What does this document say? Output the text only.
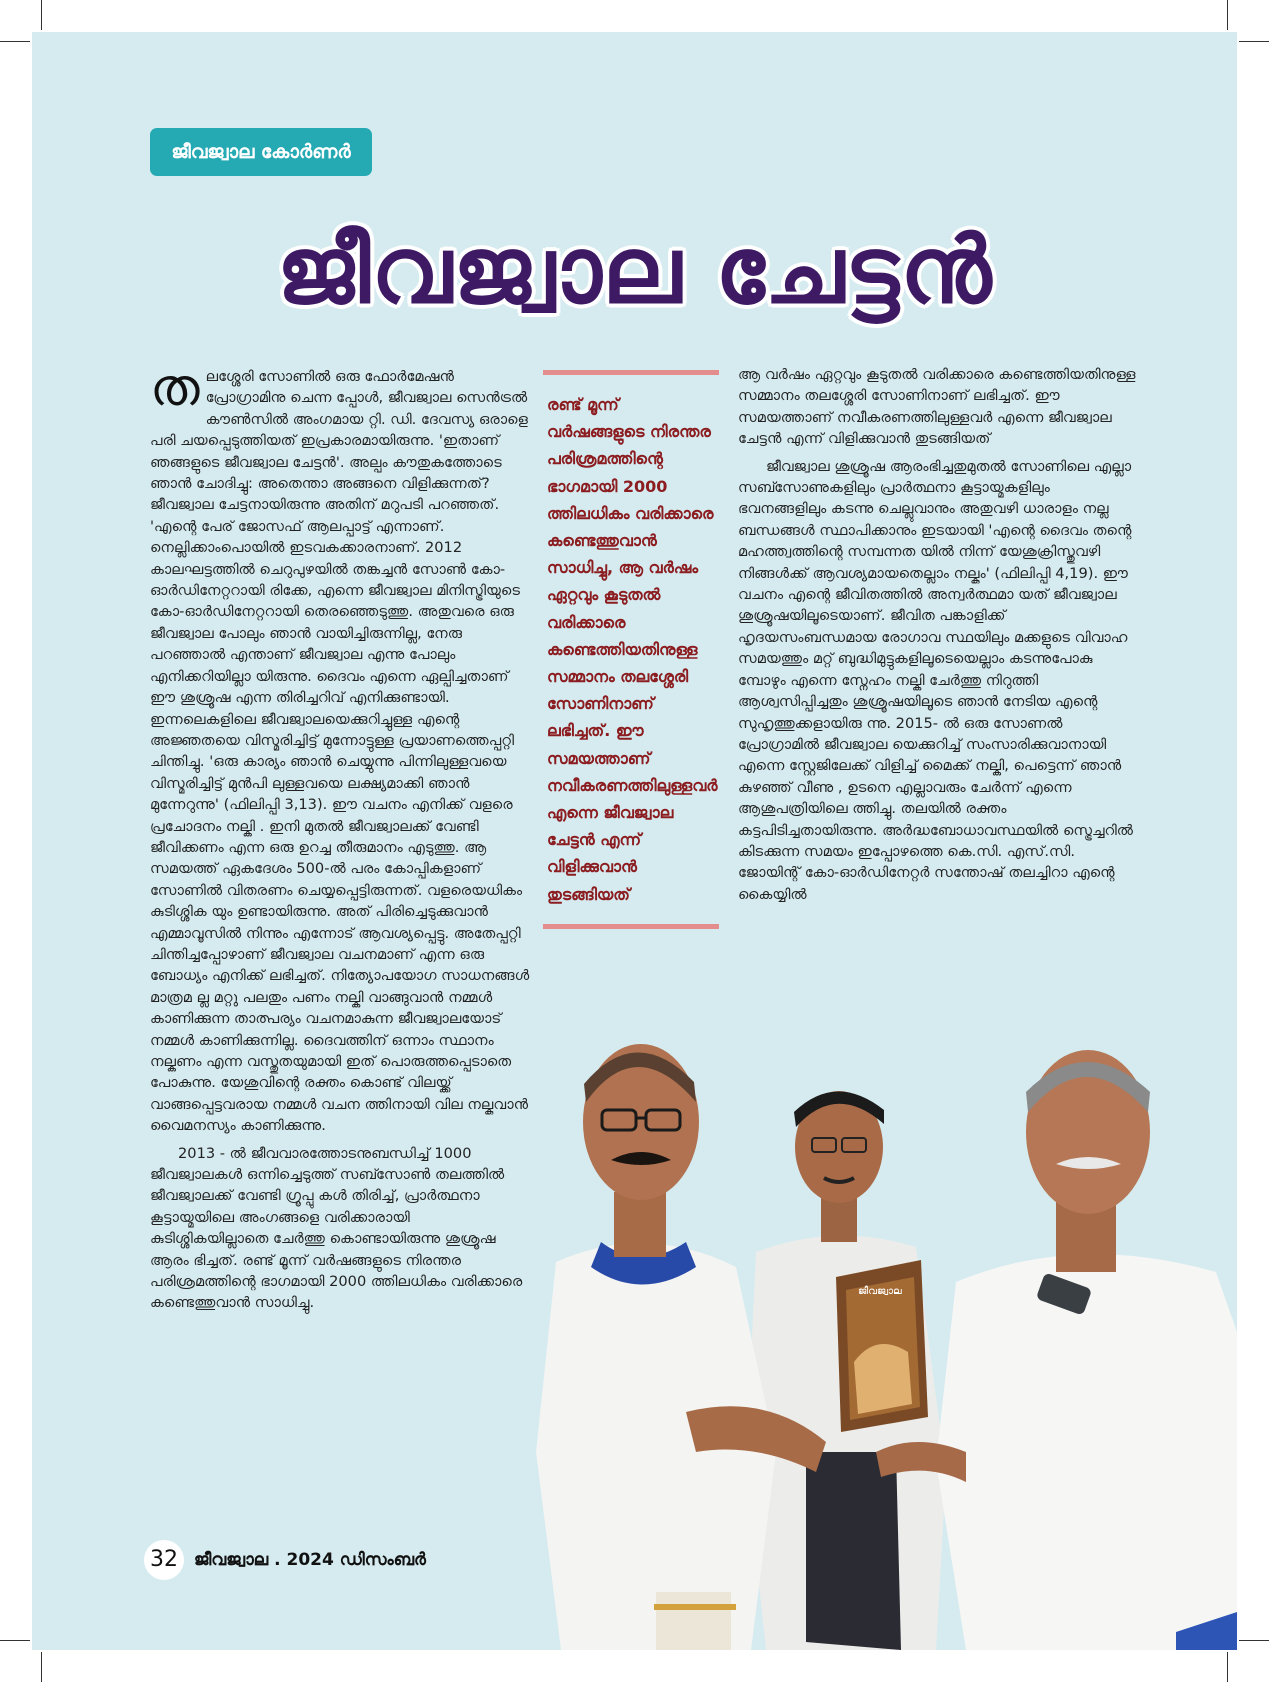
ജീവജ്വാല കോർണർ
ജീവജ്വാല ചേട്ടൻ

തലശ്ശേരി സോണിൽ ഒരു ഫോർമേഷൻ പ്രോഗ്രാമിനു ചെന്ന പ്പോൾ, ജീവജ്വാല സെൻട്രൽ കൗൺസിൽ അംഗമായ റ്റി. ഡി. ദേവസ്യ ഒരാളെ പരി ചയപ്പെടുത്തിയത് ഇപ്രകാരമായിരുന്നു. 'ഇതാണ് ഞങ്ങളുടെ ജീവജ്വാല ചേട്ടൻ'. അല്പം കൗതുകത്തോടെ ഞാൻ ചോദിച്ചു: അതെന്താ അങ്ങനെ വിളിക്കുന്നത്? ജീവജ്വാല ചേട്ടനായിരുന്നു അതിന് മറുപടി പറഞ്ഞത്. 'എന്റെ പേര് ജോസഫ് ആലപ്പാട്ട് എന്നാണ്. നെല്ലിക്കാംപൊയിൽ ഇടവകക്കാരനാണ്. 2012 കാലഘട്ടത്തിൽ ചെറുപുഴയിൽ തങ്കച്ചൻ സോൺ കോ-ഓർഡിനേറ്ററായി രിക്കേ, എന്നെ ജീവജ്വാല മിനിസ്ട്രിയുടെ കോ-ഓർഡിനേറ്ററായി തെരഞ്ഞെടുത്തു. അതുവരെ ഒരു ജീവജ്വാല പോലും ഞാൻ വായിച്ചിരുന്നില്ല, നേരു പറഞ്ഞാൽ എന്താണ് ജീവജ്വാല എന്നു പോലും എനിക്കറിയില്ലാ യിരുന്നു. ദൈവം എന്നെ ഏല്പിച്ചതാണ് ഈ ശുശ്രൂഷ എന്ന തിരിച്ചറിവ് എനിക്കുണ്ടായി. ഇന്നലെകളിലെ ജീവജ്വാലയെക്കുറിച്ചുള്ള എന്റെ അജ്ഞതയെ വിസ്മരിച്ചിട്ട് മുന്നോട്ടുള്ള പ്രയാണത്തെപ്പറ്റി ചിന്തിച്ചു. 'ഒരു കാര്യം ഞാൻ ചെയ്യുന്നു പിന്നിലുള്ളവയെ വിസ്മരിച്ചിട്ട് മുൻപി ലുള്ളവയെ ലക്ഷ്യമാക്കി ഞാൻ മുന്നേറുന്നു' (ഫിലിപ്പി 3,13). ഈ വചനം എനിക്ക് വളരെ പ്രചോദനം നല്കി . ഇനി മുതൽ ജീവജ്വാലക്ക് വേണ്ടി ജീവിക്കണം എന്ന ഒരു ഉറച്ച തീരുമാനം എടുത്തു. ആ സമയത്ത് ഏകദേശം 500-ൽ പരം കോപ്പികളാണ് സോണിൽ വിതരണം ചെയ്യപ്പെട്ടിരുന്നത്. വളരെയധികം കുടിശ്ശിക യും ഉണ്ടായിരുന്നു. അത് പിരിച്ചെടുക്കുവാൻ എമ്മാവൂസിൽ നിന്നും എന്നോട് ആവശ്യപ്പെട്ടു. അതേപ്പറ്റി ചിന്തിച്ചപ്പോഴാണ് ജീവജ്വാല വചനമാണ് എന്ന ഒരു ബോധ്യം എനിക്ക് ലഭിച്ചത്. നിത്യോപയോഗ സാധനങ്ങൾ മാത്രമ ല്ല മറ്റു പലതും പണം നല്കി വാങ്ങുവാൻ നമ്മൾ കാണിക്കുന്ന താത്പര്യം വചനമാകുന്ന ജീവജ്വാലയോട് നമ്മൾ കാണിക്കുന്നില്ല. ദൈവത്തിന് ഒന്നാം സ്ഥാനം നല്കണം എന്ന വസ്തുതയുമായി ഇത് പൊരുത്തപ്പെടാതെ പോകുന്നു. യേശുവിന്റെ രക്തം കൊണ്ട് വിലയ്ക്ക് വാങ്ങപ്പെട്ടവരായ നമ്മൾ വചന ത്തിനായി വില നല്കുവാൻ വൈമനസ്യം കാണിക്കുന്നു.

2013 - ൽ ജീവവാരത്തോടനുബന്ധിച്ച് 1000 ജീവജ്വാലകൾ ഒന്നിച്ചെടുത്ത് സബ്സോൺ തലത്തിൽ ജീവജ്വാലക്ക് വേണ്ടി ഗ്രൂപ്പു കൾ തിരിച്ച്, പ്രാർത്ഥനാ കൂട്ടായ്മയിലെ അംഗങ്ങളെ വരിക്കാരായി കുടിശ്ശികയില്ലാതെ ചേർത്തു കൊണ്ടായിരുന്നു ശുശ്രൂഷ ആരം ഭിച്ചത്. രണ്ട് മൂന്ന് വർഷങ്ങളുടെ നിരന്തര പരിശ്രമത്തിന്റെ ഭാഗമായി 2000 ത്തിലധികം വരിക്കാരെ കണ്ടെത്തുവാൻ സാധിച്ചു.

രണ്ട് മൂന്ന് വർഷങ്ങളുടെ നിരന്തര പരിശ്രമത്തിന്റെ ഭാഗമായി 2000 ത്തിലധികം വരിക്കാരെ കണ്ടെത്തുവാൻ സാധിച്ചു, ആ വർഷം ഏറ്റവും കൂടുതൽ വരിക്കാരെ കണ്ടെത്തിയതിനുള്ള സമ്മാനം തലശ്ശേരി സോണിനാണ് ലഭിച്ചത്. ഈ സമയത്താണ് നവീകരണത്തിലുള്ളവർ എന്നെ ജീവജ്വാല ചേട്ടൻ എന്ന് വിളിക്കുവാൻ തുടങ്ങിയത്

ആ വർഷം ഏറ്റവും കൂടുതൽ വരിക്കാരെ കണ്ടെത്തിയതിനുള്ള സമ്മാനം തലശ്ശേരി സോണിനാണ് ലഭിച്ചത്. ഈ സമയത്താണ് നവീകരണത്തിലുള്ളവർ എന്നെ ജീവജ്വാല ചേട്ടൻ എന്ന് വിളിക്കുവാൻ തുടങ്ങിയത്

ജീവജ്വാല ശുശ്രൂഷ ആരംഭിച്ചതുമുതൽ സോണിലെ എല്ലാ സബ്സോണുകളിലും പ്രാർത്ഥനാ കൂട്ടായ്മകളിലും ഭവനങ്ങളിലും കടന്നു ചെല്ലുവാനും അതുവഴി ധാരാളം നല്ല ബന്ധങ്ങൾ സ്ഥാപിക്കാനും ഇടയായി 'എന്റെ ദൈവം തന്റെ മഹത്ത്വത്തിന്റെ സമ്പന്നത യിൽ നിന്ന് യേശുക്രിസ്തുവഴി നിങ്ങൾക്ക് ആവശ്യമായതെല്ലാം നല്കും' (ഫിലിപ്പി 4,19). ഈ വചനം എന്റെ ജീവിതത്തിൽ അന്വർത്ഥമാ യത് ജീവജ്വാല ശുശ്രൂഷയിലൂടെയാണ്. ജീവിത പങ്കാളിക്ക് ഹൃദയസംബന്ധമായ രോഗാവ സ്ഥയിലും മക്കളുടെ വിവാഹ സമയത്തും മറ്റ് ബുദ്ധിമുട്ടുകളിലൂടെയെല്ലാം കടന്നുപോകു മ്പോഴും എന്നെ സ്നേഹം നല്കി ചേർത്തു നിറുത്തി ആശ്വസിപ്പിച്ചതും ശുശ്രൂഷയിലൂടെ ഞാൻ നേടിയ എന്റെ സുഹൃത്തുക്കളായിരു ന്നു. 2015- ൽ ഒരു സോണൽ പ്രോഗ്രാമിൽ ജീവജ്വാല യെക്കുറിച്ച് സംസാരിക്കുവാനായി എന്നെ സ്റ്റേജിലേക്ക് വിളിച്ച് മൈക്ക് നല്കി, പെട്ടെന്ന് ഞാൻ കുഴഞ്ഞ് വീണു , ഉടനെ എല്ലാവരും ചേർന്ന് എന്നെ ആശുപത്രിയിലെ ത്തിച്ചു. തലയിൽ രക്തം കട്ടപിടിച്ചതായിരുന്നു. അർദ്ധബോധാവസ്ഥയിൽ സ്ട്രെച്ചറിൽ കിടക്കുന്ന സമയം ഇപ്പോഴത്തെ കെ.സി. എസ്.സി. ജോയിന്റ് കോ-ഓർഡിനേറ്റർ സന്തോഷ് തലച്ചിറാ എന്റെ കൈയ്യിൽ

ജീവജ്വാല
32 ജീവജ്വാല . 2024 ഡിസംബർ
